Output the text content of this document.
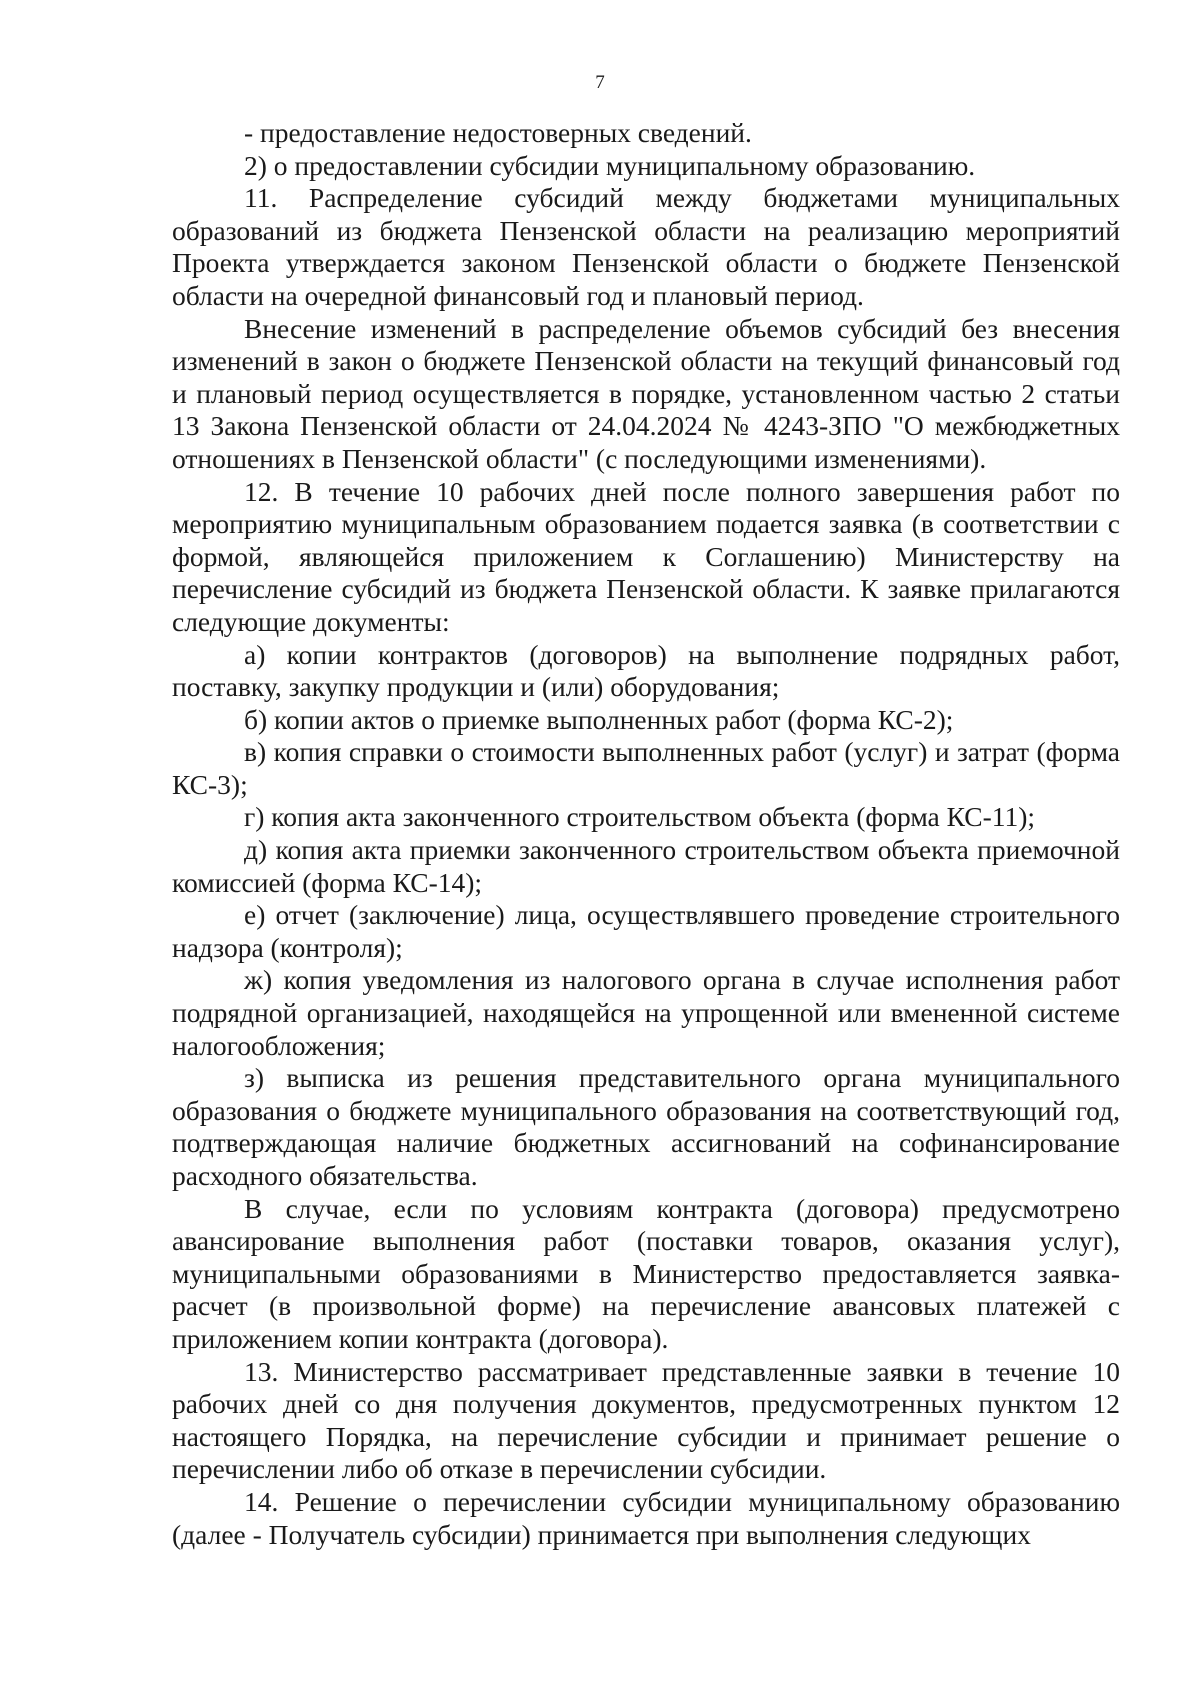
7

- предоставление недостоверных сведений.

2) о предоставлении субсидии муниципальному образованию.

11. Распределение субсидий между бюджетами муниципальных образований из бюджета Пензенской области на реализацию мероприятий Проекта утверждается законом Пензенской области о бюджете Пензенской области на очередной финансовый год и плановый период.

Внесение изменений в распределение объемов субсидий без внесения изменений в закон о бюджете Пензенской области на текущий финансовый год и плановый период осуществляется в порядке, установленном частью 2 статьи 13 Закона Пензенской области от 24.04.2024 № 4243-ЗПО "О межбюджетных отношениях в Пензенской области" (с последующими изменениями).

12. В течение 10 рабочих дней после полного завершения работ по мероприятию муниципальным образованием подается заявка (в соответствии с формой, являющейся приложением к Соглашению) Министерству на перечисление субсидий из бюджета Пензенской области. К заявке прилагаются следующие документы:

а) копии контрактов (договоров) на выполнение подрядных работ, поставку, закупку продукции и (или) оборудования;

б) копии актов о приемке выполненных работ (форма КС-2);

в) копия справки о стоимости выполненных работ (услуг) и затрат (форма КС-3);

г) копия акта законченного строительством объекта (форма КС-11);

д) копия акта приемки законченного строительством объекта приемочной комиссией (форма КС-14);

е) отчет (заключение) лица, осуществлявшего проведение строительного надзора (контроля);

ж) копия уведомления из налогового органа в случае исполнения работ подрядной организацией, находящейся на упрощенной или вмененной системе налогообложения;

з) выписка из решения представительного органа муниципального образования о бюджете муниципального образования на соответствующий год, подтверждающая наличие бюджетных ассигнований на софинансирование расходного обязательства.

В случае, если по условиям контракта (договора) предусмотрено авансирование выполнения работ (поставки товаров, оказания услуг), муниципальными образованиями в Министерство предоставляется заявка-расчет (в произвольной форме) на перечисление авансовых платежей с приложением копии контракта (договора).

13. Министерство рассматривает представленные заявки в течение 10 рабочих дней со дня получения документов, предусмотренных пунктом 12 настоящего Порядка, на перечисление субсидии и принимает решение о перечислении либо об отказе в перечислении субсидии.

14. Решение о перечислении субсидии муниципальному образованию (далее - Получатель субсидии) принимается при выполнения следующих
